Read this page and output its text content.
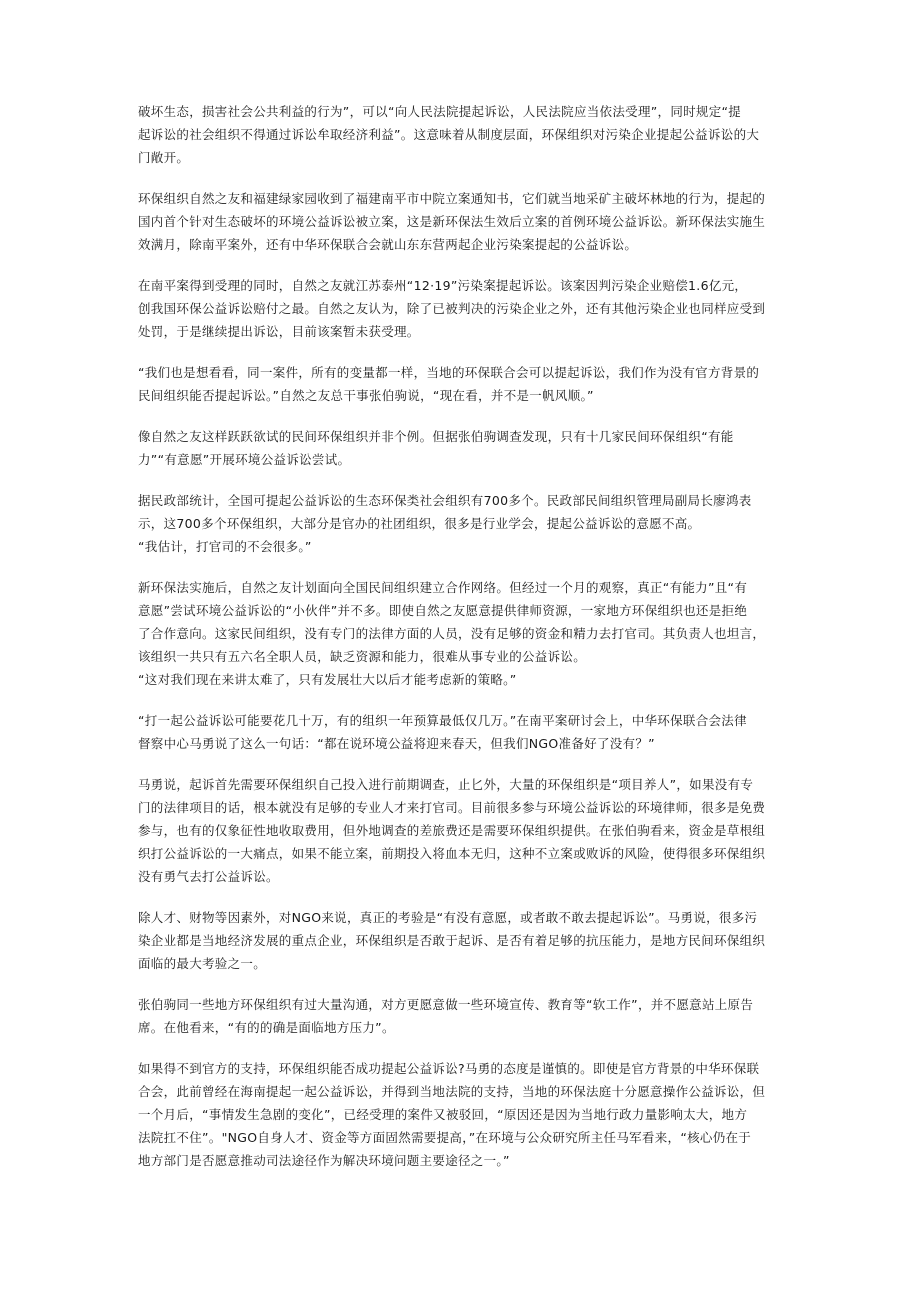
破坏生态，损害社会公共利益的行为”，可以“向人民法院提起诉讼，人民法院应当依法受理”，同时规定“提
起诉讼的社会组织不得通过诉讼牟取经济利益”。这意味着从制度层面，环保组织对污染企业提起公益诉讼的大
门敞开。
环保组织自然之友和福建绿家园收到了福建南平市中院立案通知书，它们就当地采矿主破坏林地的行为，提起的
国内首个针对生态破坏的环境公益诉讼被立案，这是新环保法生效后立案的首例环境公益诉讼。新环保法实施生
效满月，除南平案外，还有中华环保联合会就山东东营两起企业污染案提起的公益诉讼。
在南平案得到受理的同时，自然之友就江苏泰州“12·19”污染案提起诉讼。该案因判污染企业赔偿1.6亿元，
创我国环保公益诉讼赔付之最。自然之友认为，除了已被判决的污染企业之外，还有其他污染企业也同样应受到
处罚，于是继续提出诉讼，目前该案暂未获受理。
“我们也是想看看，同一案件，所有的变量都一样，当地的环保联合会可以提起诉讼，我们作为没有官方背景的
民间组织能否提起诉讼。”自然之友总干事张伯驹说，“现在看，并不是一帆风顺。”
像自然之友这样跃跃欲试的民间环保组织并非个例。但据张伯驹调查发现，只有十几家民间环保组织“有能
力”“有意愿”开展环境公益诉讼尝试。
据民政部统计，全国可提起公益诉讼的生态环保类社会组织有700多个。民政部民间组织管理局副局长廖鸿表
示，这700多个环保组织，大部分是官办的社团组织，很多是行业学会，提起公益诉讼的意愿不高。
“我估计，打官司的不会很多。”
新环保法实施后，自然之友计划面向全国民间组织建立合作网络。但经过一个月的观察，真正“有能力”且“有
意愿”尝试环境公益诉讼的“小伙伴”并不多。即使自然之友愿意提供律师资源，一家地方环保组织也还是拒绝
了合作意向。这家民间组织，没有专门的法律方面的人员，没有足够的资金和精力去打官司。其负责人也坦言，
该组织一共只有五六名全职人员，缺乏资源和能力，很难从事专业的公益诉讼。
“这对我们现在来讲太难了，只有发展壮大以后才能考虑新的策略。”
“打一起公益诉讼可能要花几十万，有的组织一年预算最低仅几万。”在南平案研讨会上，中华环保联合会法律
督察中心马勇说了这么一句话：“都在说环境公益将迎来春天，但我们NGO准备好了没有？”
马勇说，起诉首先需要环保组织自己投入进行前期调查，止匕外，大量的环保组织是“项目养人”，如果没有专
门的法律项目的话，根本就没有足够的专业人才来打官司。目前很多参与环境公益诉讼的环境律师，很多是免费
参与，也有的仅象征性地收取费用，但外地调查的差旅费还是需要环保组织提供。在张伯驹看来，资金是草根组
织打公益诉讼的一大痛点，如果不能立案，前期投入将血本无归，这种不立案或败诉的风险，使得很多环保组织
没有勇气去打公益诉讼。
除人才、财物等因素外，对NGO来说，真正的考验是“有没有意愿，或者敢不敢去提起诉讼”。马勇说，很多污
染企业都是当地经济发展的重点企业，环保组织是否敢于起诉、是否有着足够的抗压能力，是地方民间环保组织
面临的最大考验之一。
张伯驹同一些地方环保组织有过大量沟通，对方更愿意做一些环境宣传、教育等“软工作”，并不愿意站上原告
席。在他看来，“有的的确是面临地方压力”。
如果得不到官方的支持，环保组织能否成功提起公益诉讼?马勇的态度是谨慎的。即使是官方背景的中华环保联
合会，此前曾经在海南提起一起公益诉讼，并得到当地法院的支持，当地的环保法庭十分愿意操作公益诉讼，但
一个月后，“事情发生急剧的变化”，已经受理的案件又被驳回，“原因还是因为当地行政力量影响太大，地方
法院扛不住”。"NGO自身人才、资金等方面固然需要提高，”在环境与公众研究所主任马军看来，“核心仍在于
地方部门是否愿意推动司法途径作为解决环境问题主要途径之一。”
